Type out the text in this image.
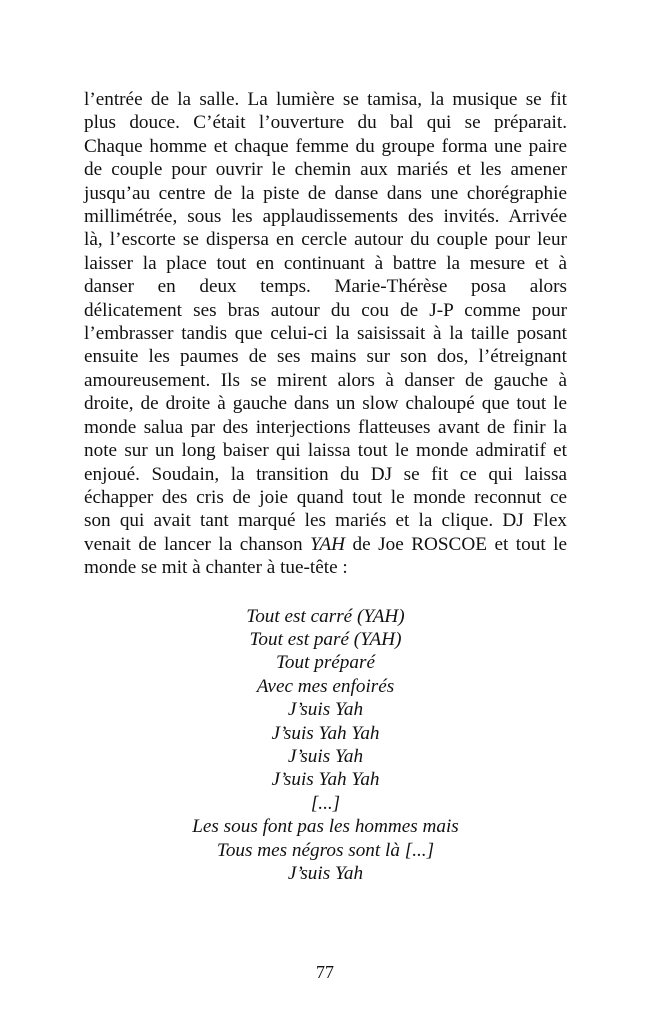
l’entrée de la salle. La lumière se tamisa, la musique se fit
plus douce. C’était l’ouverture du bal qui se préparait.
Chaque homme et chaque femme du groupe forma une paire
de couple pour ouvrir le chemin aux mariés et les amener
jusqu’au centre de la piste de danse dans une chorégraphie
millimétrée, sous les applaudissements des invités. Arrivée
là, l’escorte se dispersa en cercle autour du couple pour leur
laisser la place tout en continuant à battre la mesure et à
danser en deux temps. Marie-Thérèse posa alors
délicatement ses bras autour du cou de J-P comme pour
l’embrasser tandis que celui-ci la saisissait à la taille posant
ensuite les paumes de ses mains sur son dos, l’étreignant
amoureusement. Ils se mirent alors à danser de gauche à
droite, de droite à gauche dans un slow chaloupé que tout le
monde salua par des interjections flatteuses avant de finir la
note sur un long baiser qui laissa tout le monde admiratif et
enjoué. Soudain, la transition du DJ se fit ce qui laissa
échapper des cris de joie quand tout le monde reconnut ce
son qui avait tant marqué les mariés et la clique. DJ Flex
venait de lancer la chanson YAH de Joe ROSCOE et tout le
monde se mit à chanter à tue-tête :

Tout est carré (YAH)
Tout est paré (YAH)
Tout préparé
Avec mes enfoirés
J’suis Yah
J’suis Yah Yah
J’suis Yah
J’suis Yah Yah
[...]
Les sous font pas les hommes mais
Tous mes négros sont là [...]
J’suis Yah
77
